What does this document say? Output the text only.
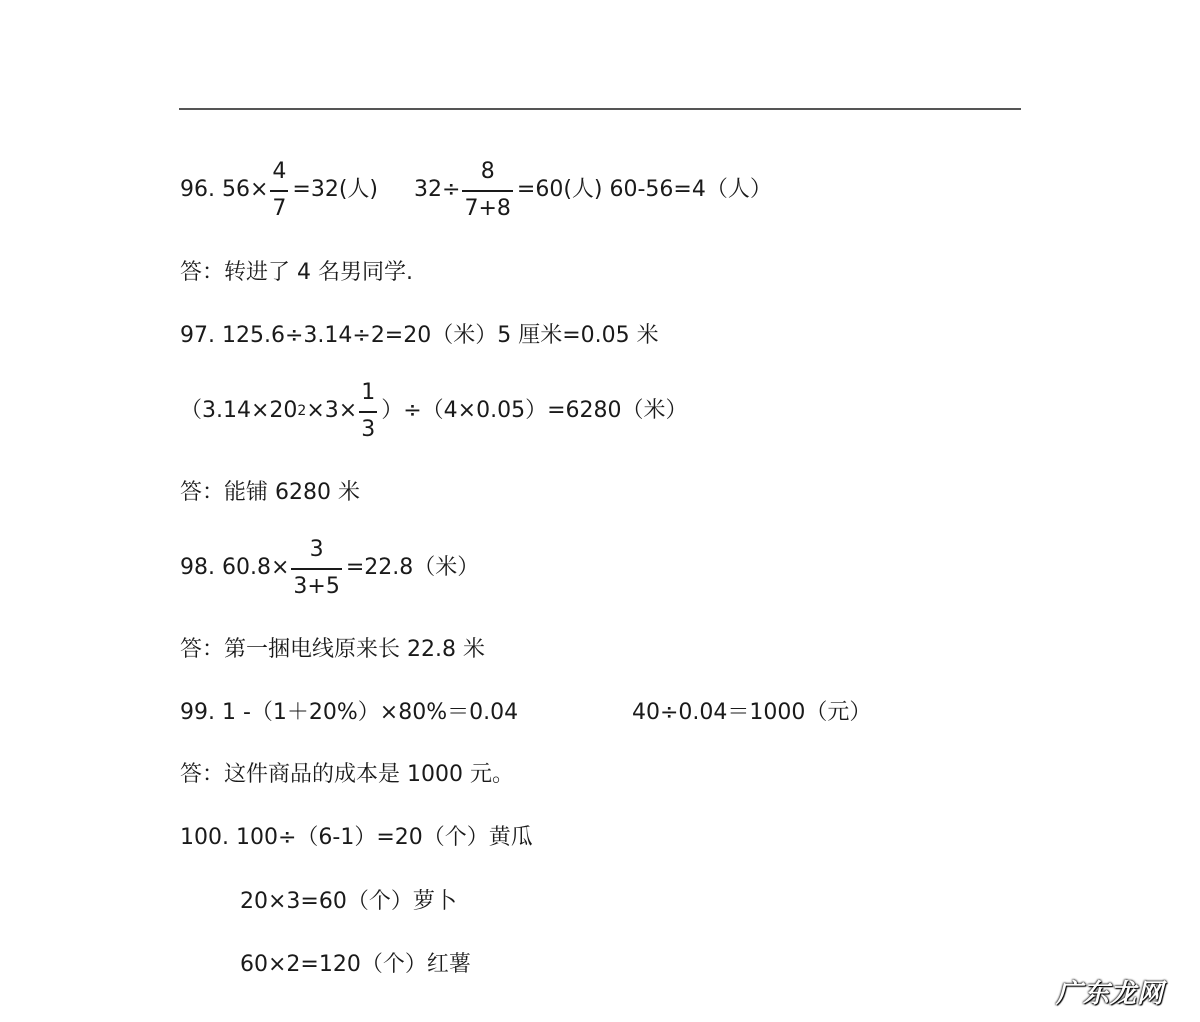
96. $56\times \frac{4}{7} =32$(人) $32\div \frac{8}{7+8} =60$(人) 60-56=4（人）
答：转进了 4 名男同学.
97. 125.6÷3.14÷2=20（米）5 厘米=0.05 米
（3.14×20 $2 \times 3\times \frac{1}{3} )\div(4\times 0.05)=6280$（米）
答：能铺 6280 米
98. $60.8\times \frac{3}{3+5} =22.8$（米）
答：第一捆电线原来长 22.8 米
99. 1 -（1＋20%）×80%＝0.04	40÷0.04＝1000（元）
答：这件商品的成本是 1000 元。
100. 100÷（6-1）=20（个）黄瓜
20×3=60（个）萝卜
60×2=120（个）红薯
广东龙网
